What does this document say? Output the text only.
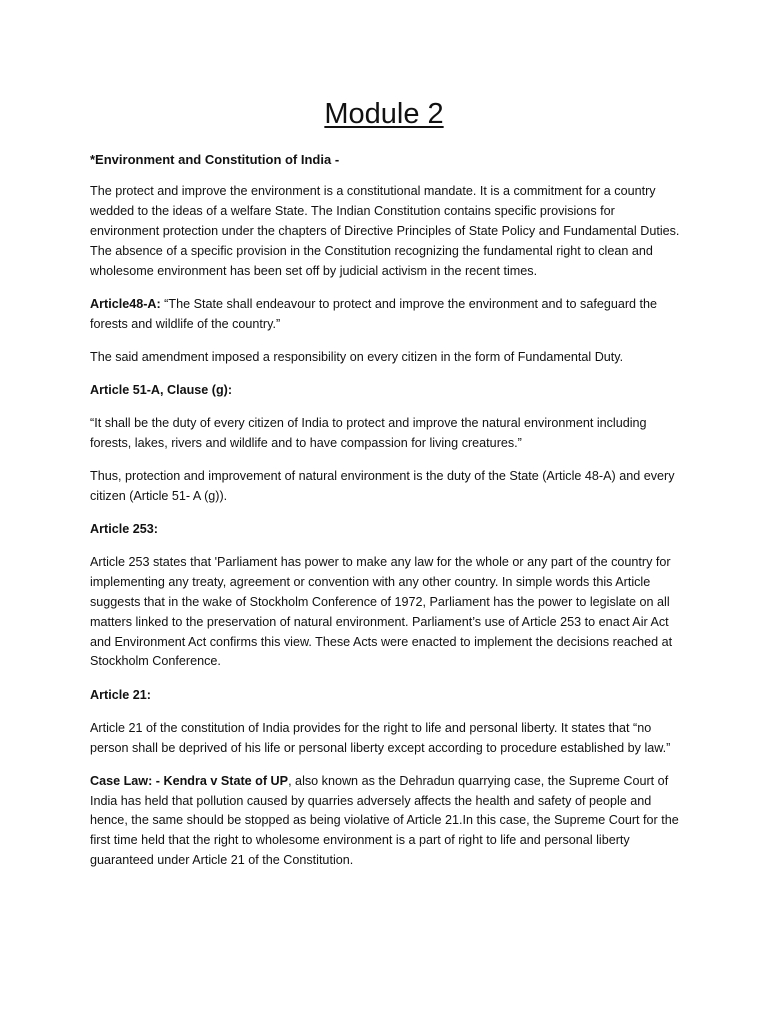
Module 2

*Environment and Constitution of India -

The protect and improve the environment is a constitutional mandate. It is a commitment for a country wedded to the ideas of a welfare State. The Indian Constitution contains specific provisions for environment protection under the chapters of Directive Principles of State Policy and Fundamental Duties. The absence of a specific provision in the Constitution recognizing the fundamental right to clean and wholesome environment has been set off by judicial activism in the recent times.

Article48-A: “The State shall endeavour to protect and improve the environment and to safeguard the forests and wildlife of the country.”

The said amendment imposed a responsibility on every citizen in the form of Fundamental Duty.

Article 51-A, Clause (g):

“It shall be the duty of every citizen of India to protect and improve the natural environment including forests, lakes, rivers and wildlife and to have compassion for living creatures.”

Thus, protection and improvement of natural environment is the duty of the State (Article 48-A) and every citizen (Article 51- A (g)).

Article 253:

Article 253 states that 'Parliament has power to make any law for the whole or any part of the country for implementing any treaty, agreement or convention with any other country. In simple words this Article suggests that in the wake of Stockholm Conference of 1972, Parliament has the power to legislate on all matters linked to the preservation of natural environment. Parliament’s use of Article 253 to enact Air Act and Environment Act confirms this view. These Acts were enacted to implement the decisions reached at Stockholm Conference.

Article 21:

Article 21 of the constitution of India provides for the right to life and personal liberty. It states that “no person shall be deprived of his life or personal liberty except according to procedure established by law.”

Case Law: - Kendra v State of UP, also known as the Dehradun quarrying case, the Supreme Court of India has held that pollution caused by quarries adversely affects the health and safety of people and hence, the same should be stopped as being violative of Article 21.In this case, the Supreme Court for the first time held that the right to wholesome environment is a part of right to life and personal liberty guaranteed under Article 21 of the Constitution.
